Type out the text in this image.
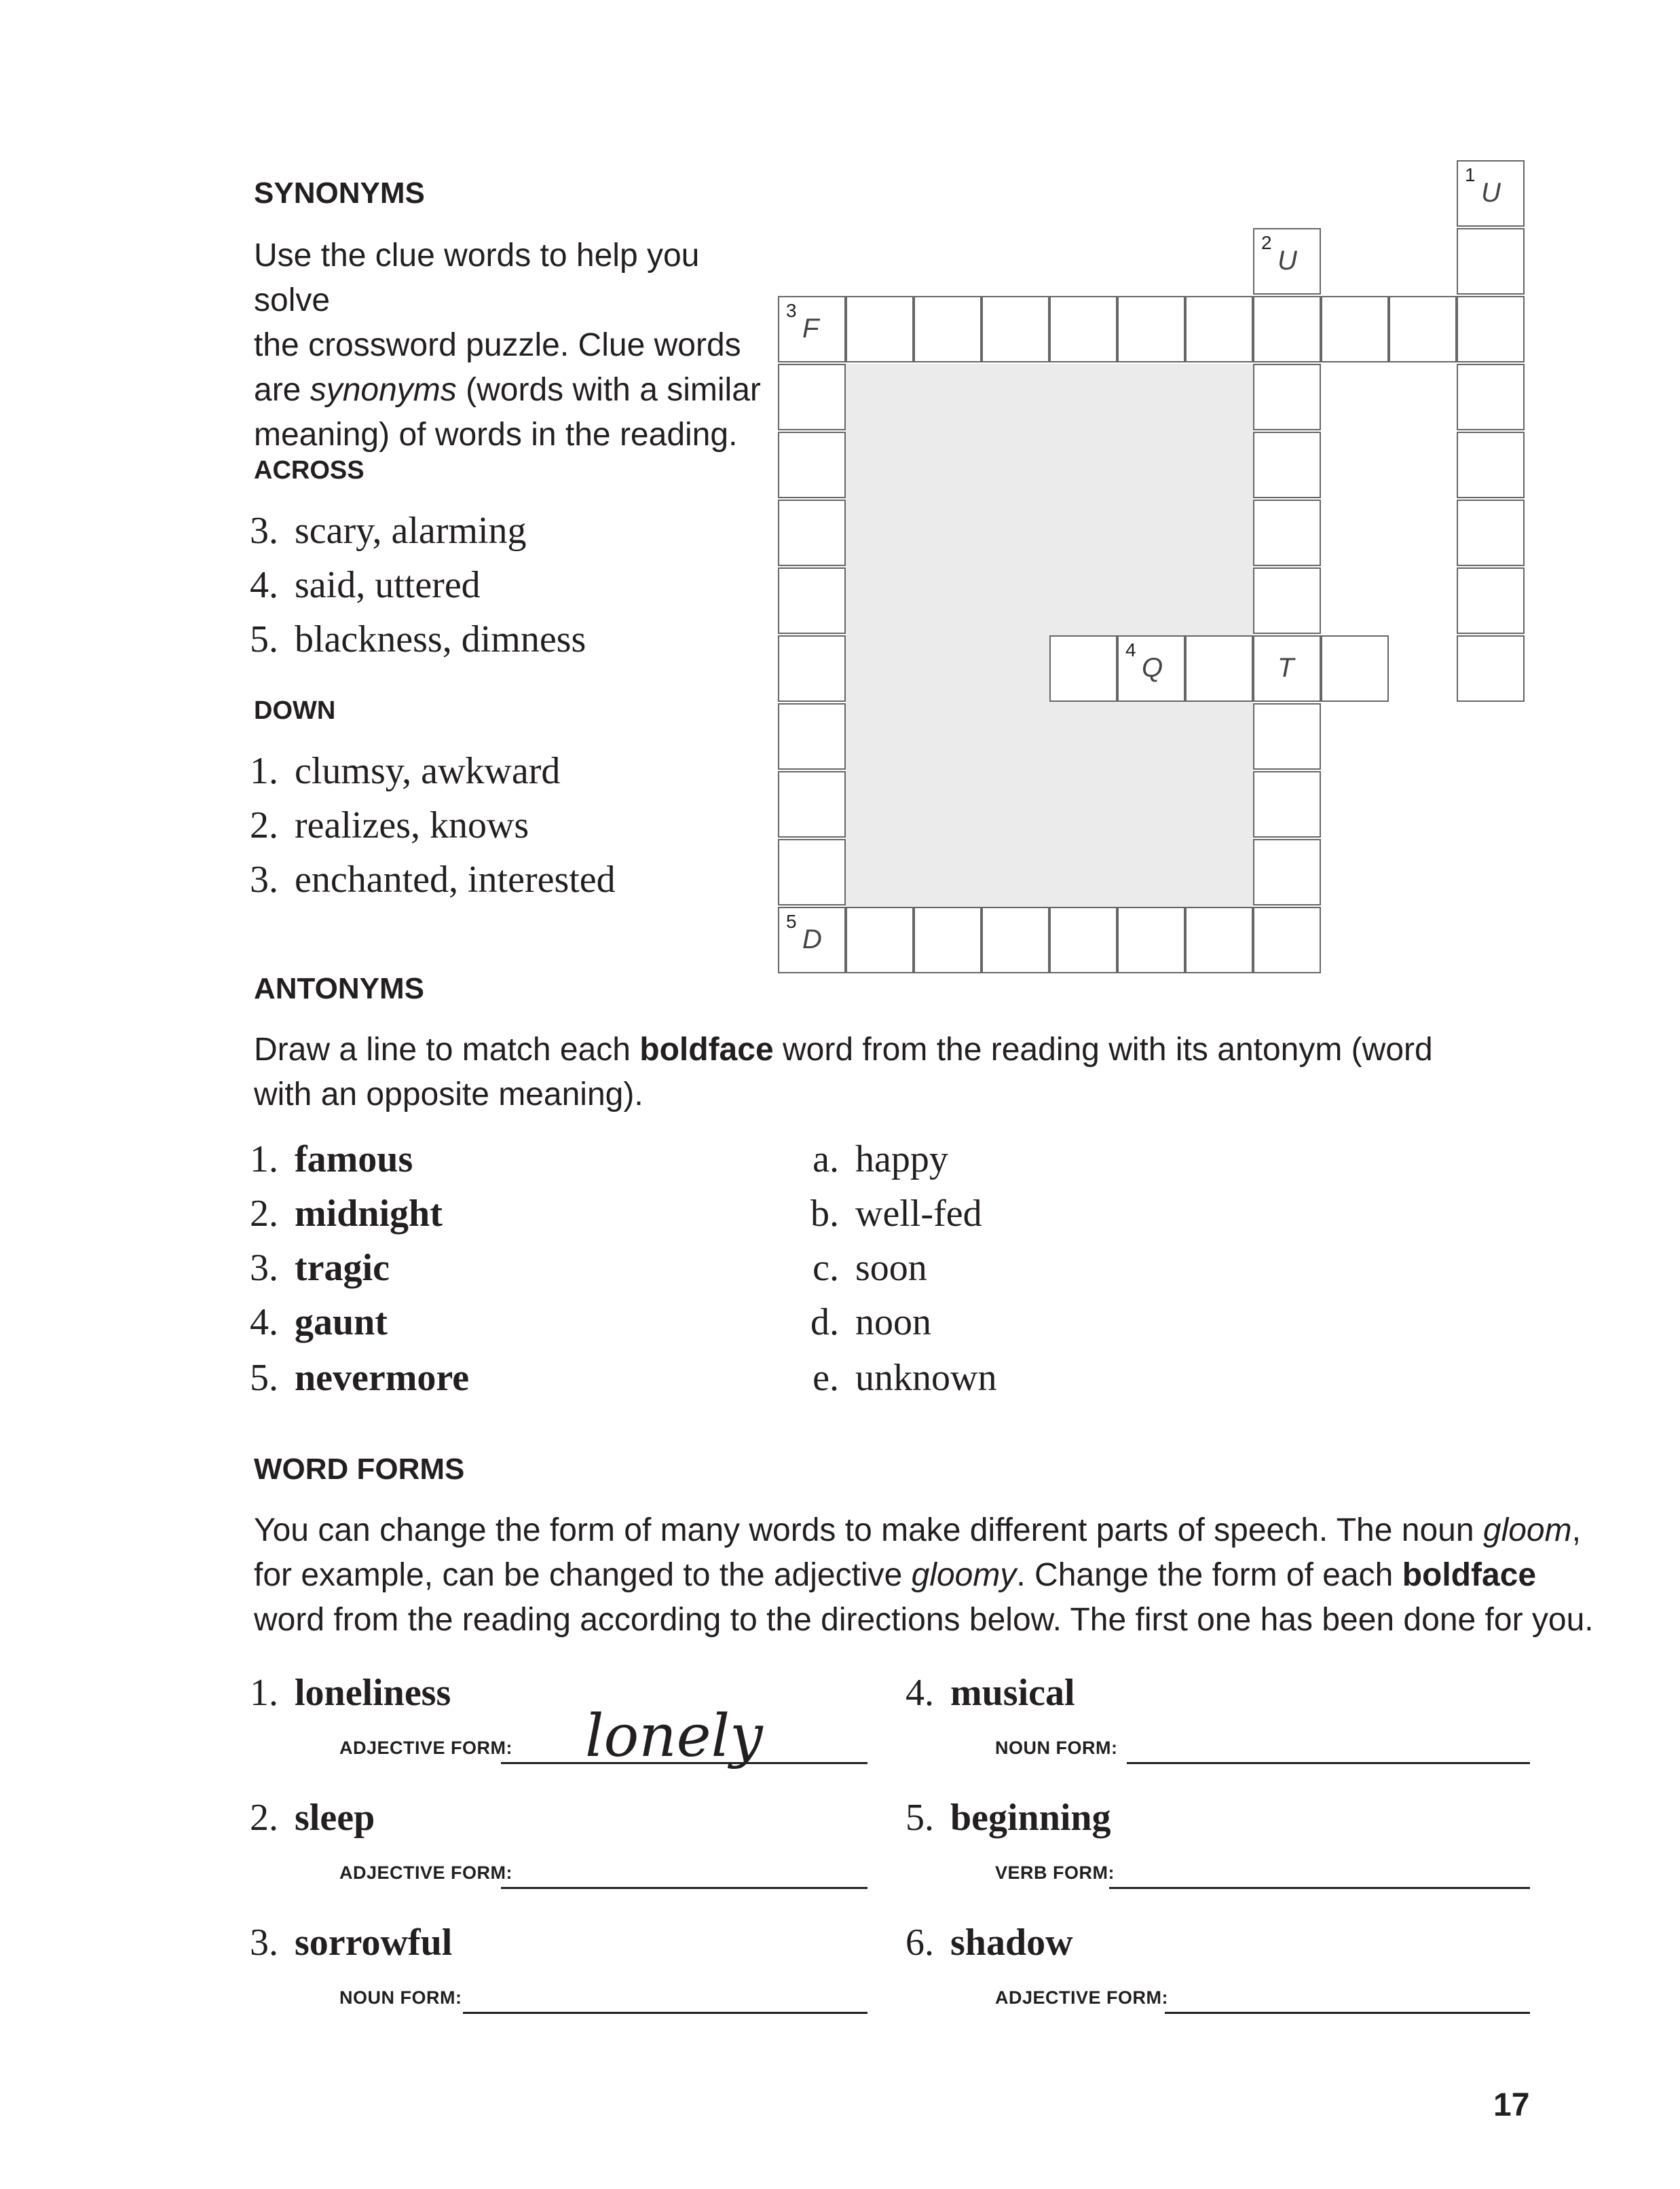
SYNONYMS
Use the clue words to help you solve
the crossword puzzle. Clue words
are synonyms (words with a similar
meaning) of words in the reading.
ACROSS
3. scary, alarming
4. said, uttered
5. blackness, dimness
DOWN
1. clumsy, awkward
2. realizes, knows
3. enchanted, interested
1
U
2
U
T
3
F
5
D
4
Q
ANTONYMS
Draw a line to match each boldface word from the reading with its antonym (word
with an opposite meaning).
1. famous
2. midnight
3. tragic
4. gaunt
5. nevermore
a. happy
b. well-fed
c. soon
d. noon
e. unknown
WORD FORMS
You can change the form of many words to make different parts of speech. The noun gloom,
for example, can be changed to the adjective gloomy. Change the form of each boldface
word from the reading according to the directions below. The first one has been done for you.
1. loneliness
ADJECTIVE FORM: lonely
2. sleep
ADJECTIVE FORM:
3. sorrowful
NOUN FORM:
4. musical
NOUN FORM:
5. beginning
VERB FORM:
6. shadow
ADJECTIVE FORM:
17
